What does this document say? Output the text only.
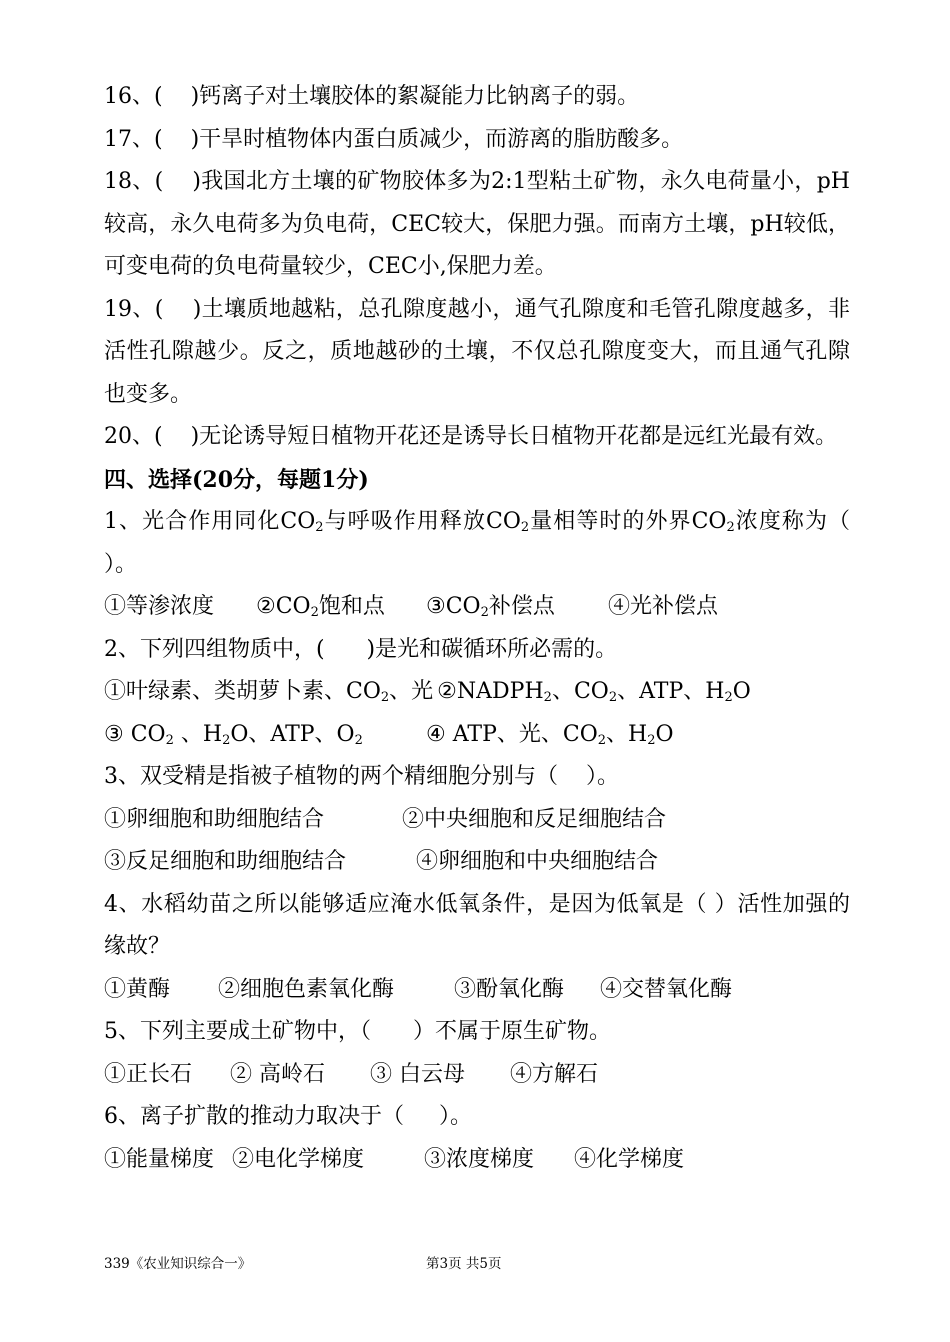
16、( )钙离子对土壤胶体的絮凝能力比钠离子的弱。

17、( )干旱时植物体内蛋白质减少，而游离的脂肪酸多。

18、( )我国北方土壤的矿物胶体多为2:1型粘土矿物，永久电荷量小，pH较高，永久电荷多为负电荷，CEC较大，保肥力强。而南方土壤，pH较低，可变电荷的负电荷量较少，CEC小,保肥力差。

19、( )土壤质地越粘，总孔隙度越小，通气孔隙度和毛管孔隙度越多，非活性孔隙越少。反之，质地越砂的土壤，不仅总孔隙度变大，而且通气孔隙也变多。

20、( )无论诱导短日植物开花还是诱导长日植物开花都是远红光最有效。

四、选择(20分，每题1分)

1、光合作用同化$CO_2$与呼吸作用释放$CO_2$量相等时的外界$CO_2$浓度称为（ ）。

①等渗浓度	$②CO_2$饱和点	$③CO_2$补偿点	④光补偿点

2、下列四组物质中，(      )是光和碳循环所必需的。

①叶绿素、类胡萝卜素、$CO_2$、光 $②NADPH_2$、$CO_2$、ATP、$H_2O$
③ $CO_2$ 、$H_2O$、ATP、$O_2$	④ ATP、光、$CO_2$、$H_2O$

3、双受精是指被子植物的两个精细胞分别与（    ）。

①卵细胞和助细胞结合	②中央细胞和反足细胞结合
③反足细胞和助细胞结合	④卵细胞和中央细胞结合

4、水稻幼苗之所以能够适应淹水低氧条件，是因为低氧是（ ）活性加强的缘故？

①黄酶	②细胞色素氧化酶	③酚氧化酶	④交替氧化酶

5、下列主要成土矿物中，（      ）不属于原生矿物。

①正长石	② 高岭石	③ 白云母	④方解石

6、离子扩散的推动力取决于（     ）。

①能量梯度 ②电化学梯度	③浓度梯度	④化学梯度
339《农业知识综合一》	第3页 共5页
